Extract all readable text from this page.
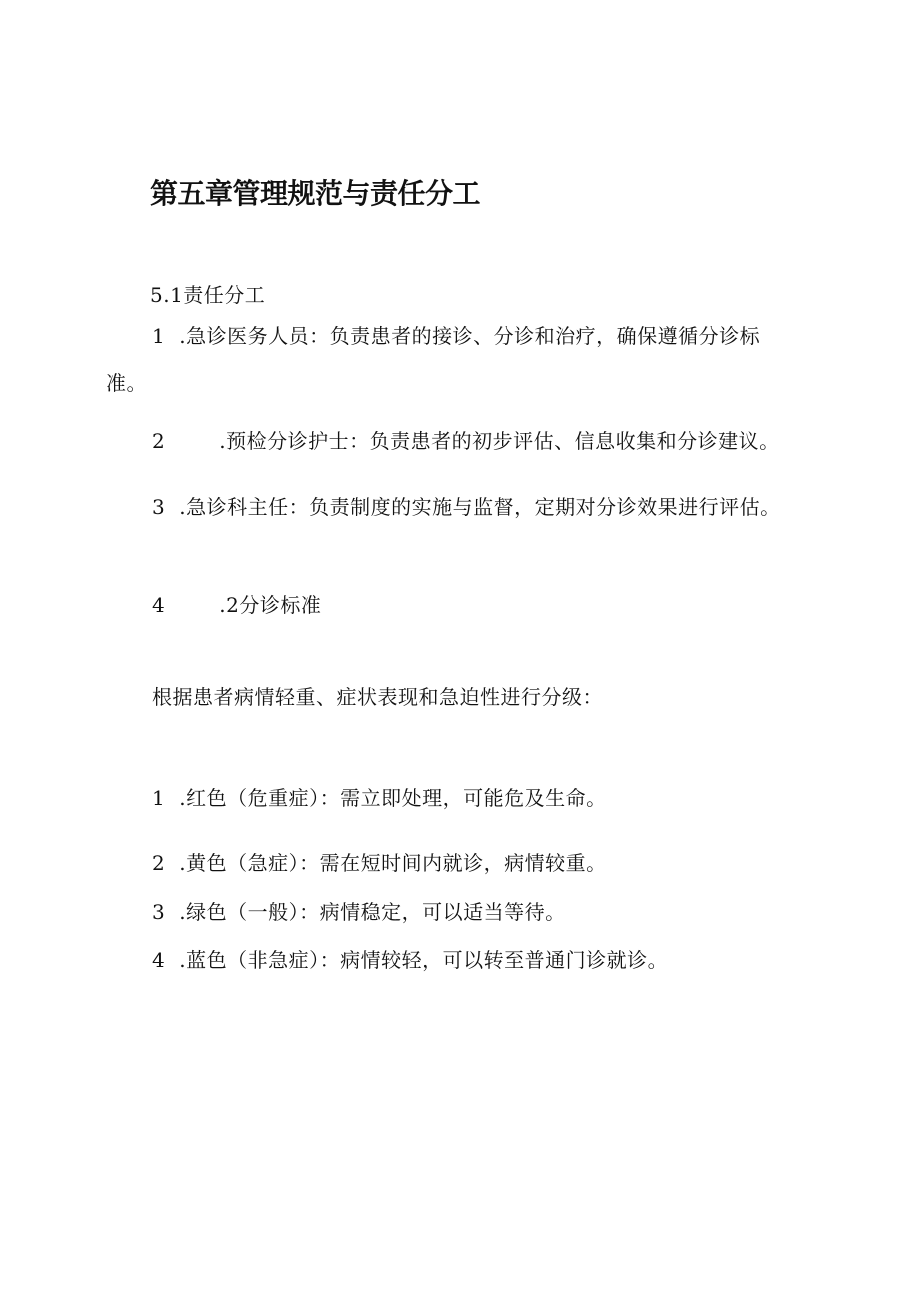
第五章管理规范与责任分工
5.1责任分工
1 .急诊医务人员：负责患者的接诊、分诊和治疗，确保遵循分诊标
准。
2	.预检分诊护士：负责患者的初步评估、信息收集和分诊建议。
3 .急诊科主任：负责制度的实施与监督，定期对分诊效果进行评估。
4	.2分诊标准
根据患者病情轻重、症状表现和急迫性进行分级：
1 .红色（危重症）：需立即处理，可能危及生命。
2 .黄色（急症）：需在短时间内就诊，病情较重。
3 .绿色（一般）：病情稳定，可以适当等待。
4 .蓝色（非急症）：病情较轻，可以转至普通门诊就诊。
